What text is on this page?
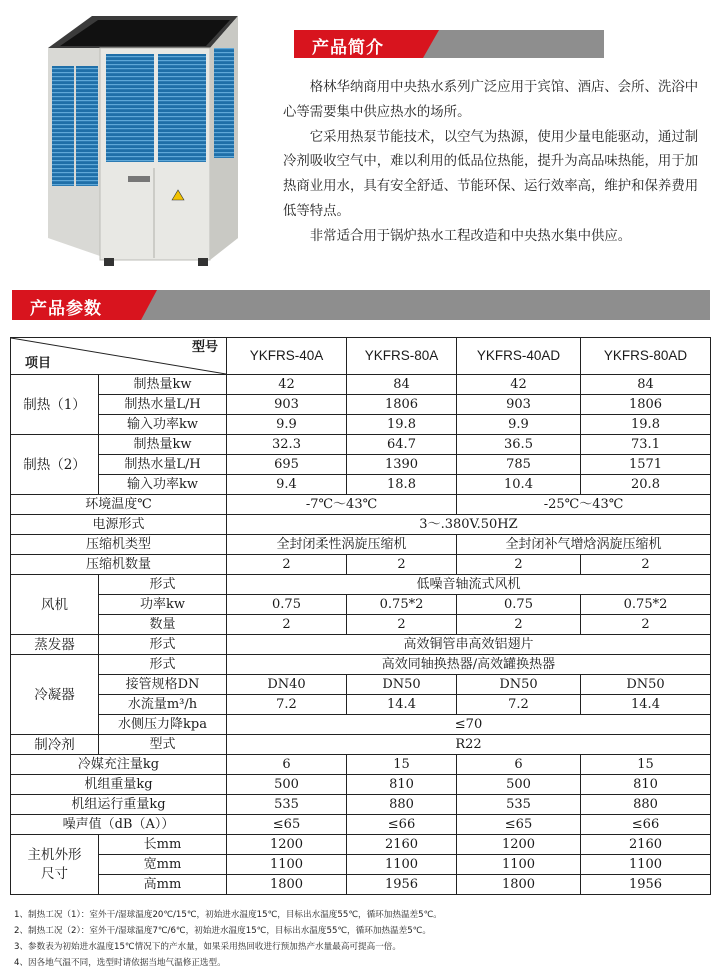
产品简介

格林华纳商用中央热水系列广泛应用于宾馆、酒店、会所、洗浴中心等需要集中供应热水的场所。

它采用热泵节能技术，以空气为热源，使用少量电能驱动，通过制冷剂吸收空气中，难以利用的低品位热能，提升为高品味热能，用于加热商业用水，具有安全舒适、节能环保、运行效率高，维护和保养费用低等特点。

非常适合用于锅炉热水工程改造和中央热水集中供应。

产品参数
型号
项目		YKFRS-40A	YKFRS-80A	YKFRS-40AD	YKFRS-80AD
制热（1）	制热量kw	42	84	42	84
	制热水量L/H	903	1806	903	1806
	输入功率kw	9.9	19.8	9.9	19.8
制热（2）	制热量kw	32.3	64.7	36.5	73.1
	制热水量L/H	695	1390	785	1571
	输入功率kw	9.4	18.8	10.4	20.8
环境温度℃		-7℃～43℃		-25℃～43℃	
电源形式		3～.380V.50HZ			
压缩机类型		全封闭柔性涡旋压缩机		全封闭补气增焓涡旋压缩机	
压缩机数量		2	2	2	2
风机	形式	低噪音轴流式风机			
	功率kw	0.75	0.75*2	0.75	0.75*2
	数量	2	2	2	2
蒸发器	形式	高效铜管串高效铝翅片			
冷凝器	形式	高效同轴换热器/高效罐换热器			
	接管规格DN	DN40	DN50	DN50	DN50
	水流量m³/h	7.2	14.4	7.2	14.4
	水侧压力降kpa	≤70			
制冷剂	型式	R22			
冷媒充注量kg		6	15	6	15
机组重量kg		500	810	500	810
机组运行重量kg		535	880	535	880
噪声值（dB（A））		≤65	≤66	≤65	≤66
主机外形
尺寸	长mm	1200	2160	1200	2160
	宽mm	1100	1100	1100	1100
	高mm	1800	1956	1800	1956
1、制热工况（1）：室外干/湿球温度20℃/15℃，初始进水温度15℃，目标出水温度55℃，循环加热温差5℃。
2、制热工况（2）：室外干/湿球温度7℃/6℃，初始进水温度15℃，目标出水温度55℃，循环加热温差5℃。
3、参数表为初始进水温度15℃情况下的产水量，如果采用热回收进行预加热产水量最高可提高一倍。
4、因各地气温不同，选型时请依据当地气温修正选型。
